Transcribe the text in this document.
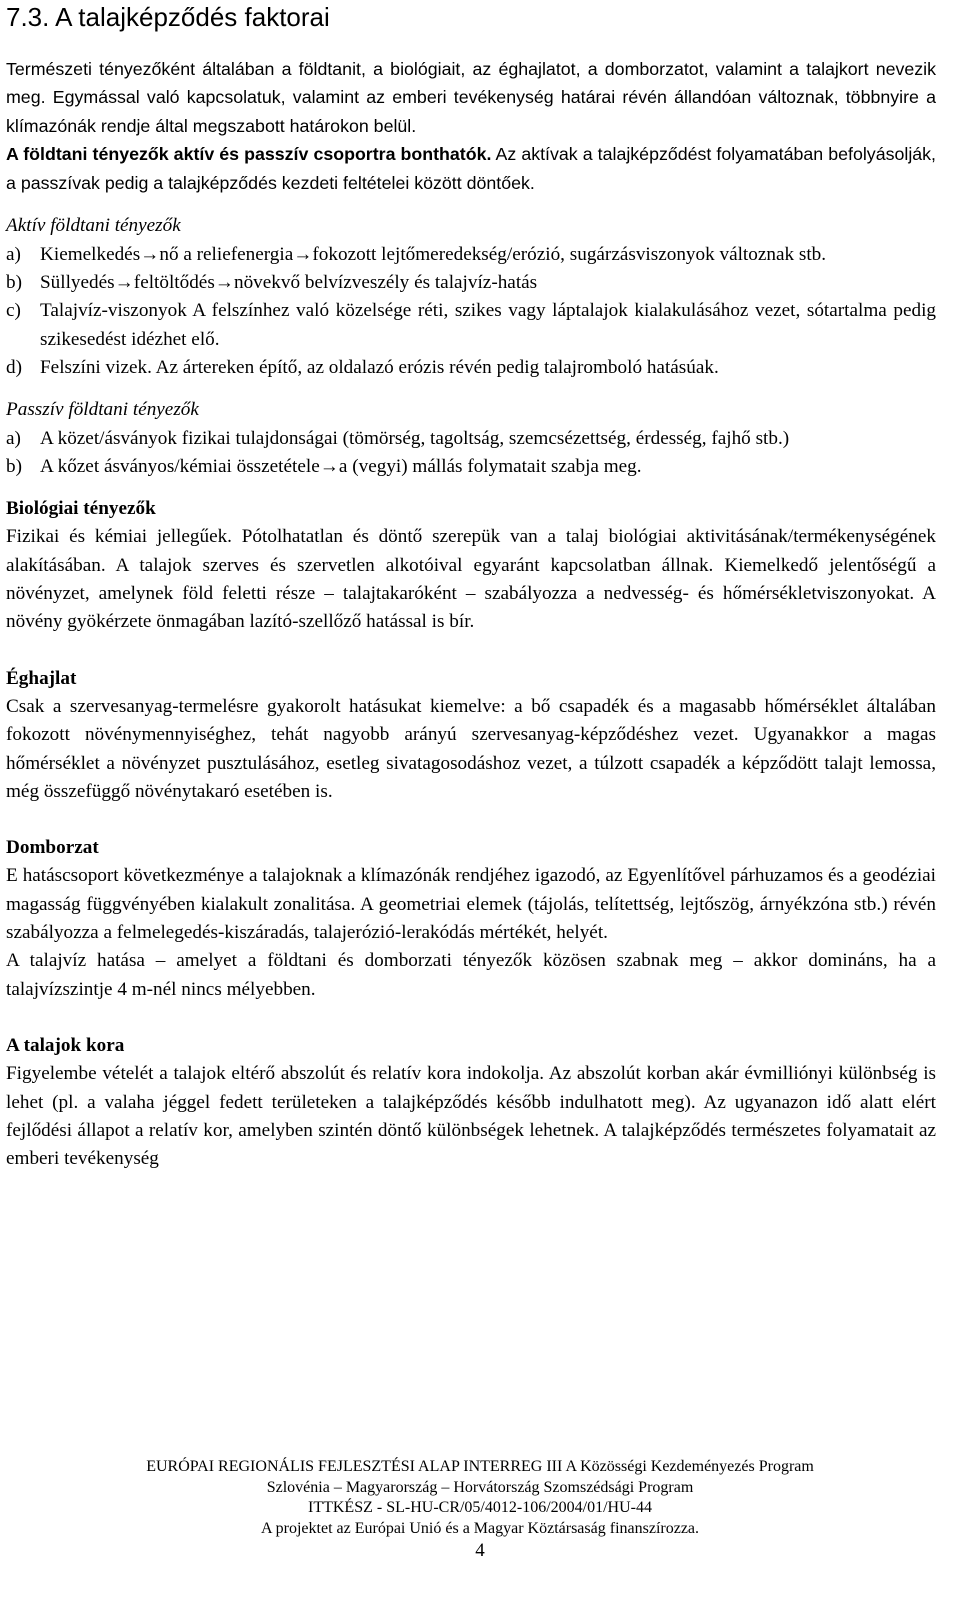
7.3. A talajképződés faktorai

Természeti tényezőként általában a földtanit, a biológiait, az éghajlatot, a domborzatot, valamint a talajkort nevezik meg. Egymással való kapcsolatuk, valamint az emberi tevékenység határai révén állandóan változnak, többnyire a klímazónák rendje által megszabott határokon belül.

A földtani tényezők aktív és passzív csoportra bonthatók. Az aktívak a talajképződést folyamatában befolyásolják, a passzívak pedig a talajképződés kezdeti feltételei között döntőek.

Aktív földtani tényezők

a) Kiemelkedés→nő a reliefenergia→fokozott lejtőmeredekség/erózió, sugárzásviszonyok változnak stb.
b) Süllyedés→feltöltődés→növekvő belvízveszély és talajvíz-hatás
c) Talajvíz-viszonyok A felszínhez való közelsége réti, szikes vagy láptalajok kialakulásához vezet, sótartalma pedig szikesedést idézhet elő.
d) Felszíni vizek. Az ártereken építő, az oldalazó erózis révén pedig talajromboló hatásúak.

Passzív földtani tényezők

a) A közet/ásványok fizikai tulajdonságai (tömörség, tagoltság, szemcsézettség, érdesség, fajhő stb.)
b) A kőzet ásványos/kémiai összetétele→a (vegyi) mállás folymatait szabja meg.

Biológiai tényezők

Fizikai és kémiai jellegűek. Pótolhatatlan és döntő szerepük van a talaj biológiai aktivitásának/termékenységének alakításában. A talajok szerves és szervetlen alkotóival egyaránt kapcsolatban állnak. Kiemelkedő jelentőségű a növényzet, amelynek föld feletti része – talajtakaróként – szabályozza a nedvesség- és hőmérsékletviszonyokat. A növény gyökérzete önmagában lazító-szellőző hatással is bír.

Éghajlat

Csak a szervesanyag-termelésre gyakorolt hatásukat kiemelve: a bő csapadék és a magasabb hőmérséklet általában fokozott növénymennyiséghez, tehát nagyobb arányú szervesanyag-képződéshez vezet. Ugyanakkor a magas hőmérséklet a növényzet pusztulásához, esetleg sivatagosodáshoz vezet, a túlzott csapadék a képződött talajt lemossa, még összefüggő növénytakaró esetében is.

Domborzat

E hatáscsoport következménye a talajoknak a klímazónák rendjéhez igazodó, az Egyenlítővel párhuzamos és a geodéziai magasság függvényében kialakult zonalitása. A geometriai elemek (tájolás, telítettség, lejtőszög, árnyékzóna stb.) révén szabályozza a felmelegedés-kiszáradás, talajerózió-lerakódás mértékét, helyét.

A talajvíz hatása – amelyet a földtani és domborzati tényezők közösen szabnak meg – akkor domináns, ha a talajvízszintje 4 m-nél nincs mélyebben.

A talajok kora

Figyelembe vételét a talajok eltérő abszolút és relatív kora indokolja. Az abszolút korban akár évmilliónyi különbség is lehet (pl. a valaha jéggel fedett területeken a talajképződés később indulhatott meg). Az ugyanazon idő alatt elért fejlődési állapot a relatív kor, amelyben szintén döntő különbségek lehetnek. A talajképződés természetes folyamatait az emberi tevékenység

EURÓPAI REGIONÁLIS FEJLESZTÉSI ALAP INTERREG III A Közösségi Kezdeményezés Program
Szlovénia – Magyarország – Horvátország Szomszédsági Program
ITTKÉSZ - SL-HU-CR/05/4012-106/2004/01/HU-44
A projektet az Európai Unió és a Magyar Köztársaság finanszírozza.
4
